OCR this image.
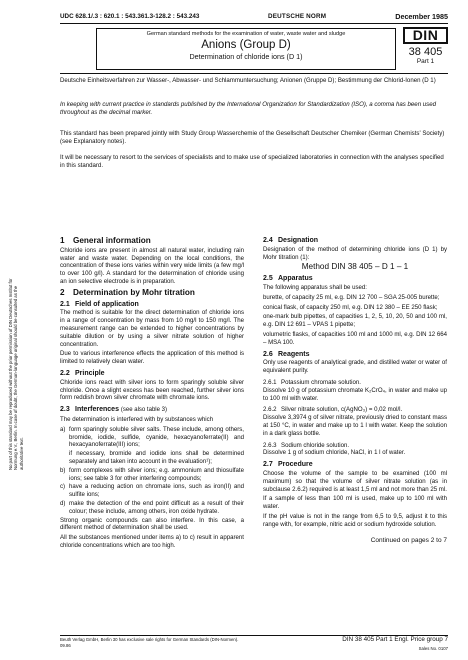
UDC 628.1/.3 : 620.1 : 543.361.3-128.2 : 543.243	DEUTSCHE NORM	December 1985
German standard methods for the examination of water, waste water and sludge
Anions (Group D)
Determination of chloride ions (D 1)
DIN
38 405
Part 1
Deutsche Einheitsverfahren zur Wasser-, Abwasser- und Schlammuntersuchung; Anionen (Gruppe D); Bestimmung der Chlorid-Ionen (D 1)
In keeping with current practice in standards published by the International Organization for Standardization (ISO), a comma has been used throughout as the decimal marker.
This standard has been prepared jointly with Study Group Wasserchemie of the Gesellschaft Deutscher Chemiker (German Chemists' Society) (see Explanatory notes).
It will be necessary to resort to the services of specialists and to make use of specialized laboratories in connection with the analyses specified in this standard.
No part of this standard may be reproduced without the prior permission of DIN Deutsches Institut für Normung e.V., Berlin. In case of doubt, the German-language original should be consulted as the authoritative text.
1 General information
Chloride ions are present in almost all natural water, including rain water and waste water. Depending on the local conditions, the concentration of these ions varies within very wide limits (a few mg/l to over 100 g/l). A standard for the determination of chloride using an ion selective electrode is in preparation.
2 Determination by Mohr titration
2.1 Field of application
The method is suitable for the direct determination of chloride ions in a range of concentration by mass from 10 mg/l to 150 mg/l. The measurement range can be extended to higher concentrations by suitable dilution or by using a silver nitrate solution of higher concentration.
Due to various interference effects the application of this method is limited to relatively clean water.
2.2 Principle
Chloride ions react with silver ions to form sparingly soluble silver chloride. Once a slight excess has been reached, further silver ions form reddish brown silver chromate with chromate ions.
2.3 Interferences (see also table 3)
The determination is interfered with by substances which
a) form sparingly soluble silver salts. These include, among others, bromide, iodide, sulfide, cyanide, hexacyanoferrate(II) and hexacyanoferrate(III) ions;
if necessary, bromide and iodide ions shall be determined separately and taken into account in the evaluation¹);
b) form complexes with silver ions; e.g. ammonium and thiosulfate ions; see table 3 for other interfering compounds;
c) have a reducing action on chromate ions, such as iron(II) and sulfite ions;
d) make the detection of the end point difficult as a result of their colour; these include, among others, iron oxide hydrate.
Strong organic compounds can also interfere. In this case, a different method of determination shall be used.
All the substances mentioned under items a) to c) result in apparent chloride concentrations which are too high.
2.4 Designation
Designation of the method of determining chloride ions (D 1) by Mohr titration (1):
Method DIN 38 405 – D 1 – 1
2.5 Apparatus
The following apparatus shall be used:
burette, of capacity 25 ml, e.g. DIN 12 700 – SGA 25-005 burette;
conical flask, of capacity 250 ml, e.g. DIN 12 380 – EE 250 flask;
one-mark bulb pipettes, of capacities 1, 2, 5, 10, 20, 50 and 100 ml, e.g. DIN 12 691 – VPAS 1 pipette;
volumetric flasks, of capacities 100 ml and 1000 ml, e.g. DIN 12 664 – MSA 100.
2.6 Reagents
Only use reagents of analytical grade, and distilled water or water of equivalent purity.
2.6.1 Potassium chromate solution.
Dissolve 10 g of potassium chromate K₂CrO₄, in water and make up to 100 ml with water.
2.6.2 Silver nitrate solution, c(AgNO₃) = 0,02 mol/l.
Dissolve 3,3974 g of silver nitrate, previously dried to constant mass at 150 °C, in water and make up to 1 l with water. Keep the solution in a dark glass bottle.
2.6.3 Sodium chloride solution.
Dissolve 1 g of sodium chloride, NaCl, in 1 l of water.
2.7 Procedure
Choose the volume of the sample to be examined (100 ml maximum) so that the volume of silver nitrate solution (as in subclause 2.6.2) required is at least 1,5 ml and not more than 25 ml.
If a sample of less than 100 ml is used, make up to 100 ml with water.
If the pH value is not in the range from 6,5 to 9,5, adjust it to this range with, for example, nitric acid or sodium hydroxide solution.
Continued on pages 2 to 7
Beuth Verlag GmbH, Berlin 30 has exclusive sale rights for German Standards (DIN-Normen).
09.86
DIN 38 405 Part 1 Engl. Price group 7
Sales No. 0107
